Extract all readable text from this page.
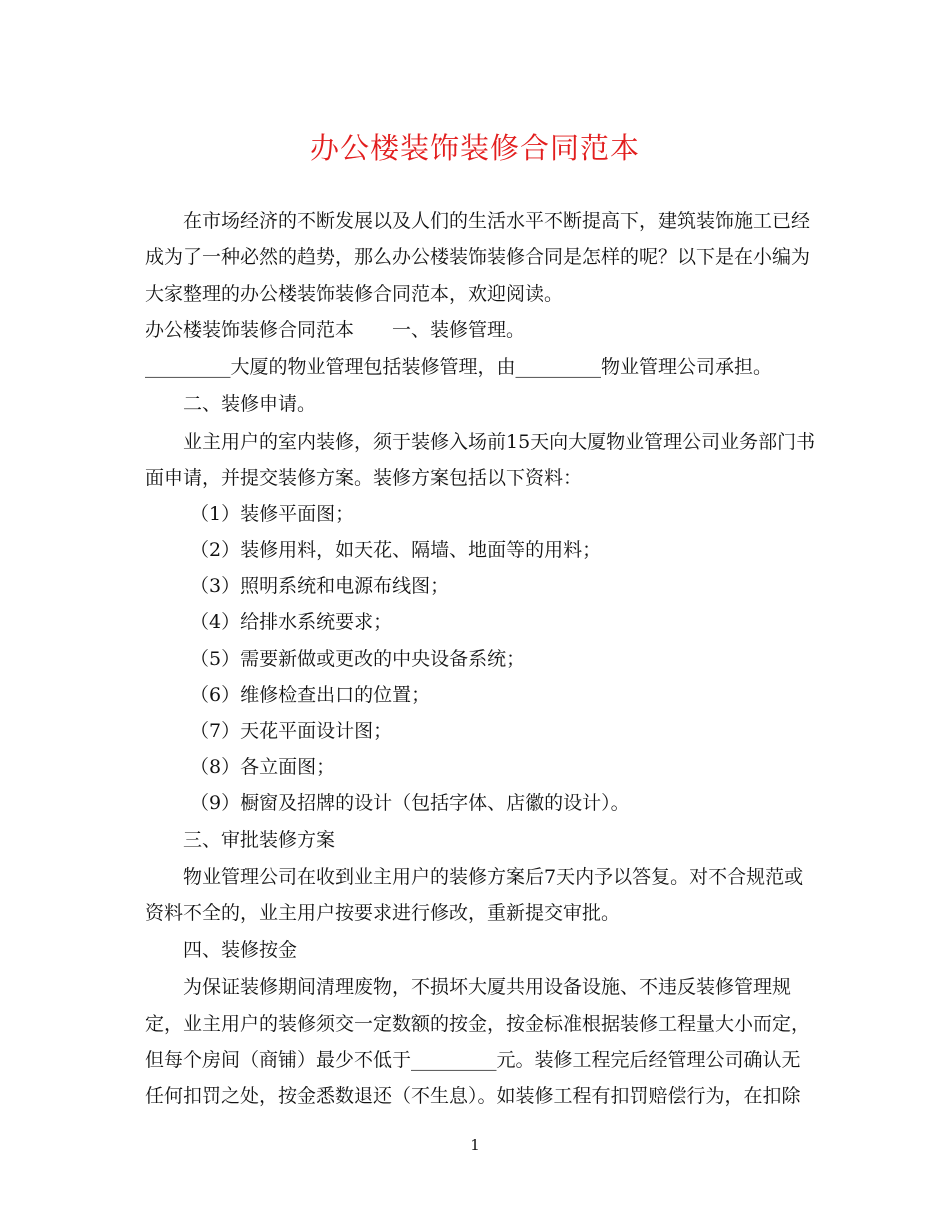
办公楼装饰装修合同范本
在市场经济的不断发展以及人们的生活水平不断提高下，建筑装饰施工已经
成为了一种必然的趋势，那么办公楼装饰装修合同是怎样的呢？以下是在小编为
大家整理的办公楼装饰装修合同范本，欢迎阅读。
办公楼装饰装修合同范本　　一、装修管理。
_________大厦的物业管理包括装修管理，由_________物业管理公司承担。
二、装修申请。
业主用户的室内装修，须于装修入场前15天向大厦物业管理公司业务部门书
面申请，并提交装修方案。装修方案包括以下资料：
（1）装修平面图；
（2）装修用料，如天花、隔墙、地面等的用料；
（3）照明系统和电源布线图；
（4）给排水系统要求；
（5）需要新做或更改的中央设备系统；
（6）维修检查出口的位置；
（7）天花平面设计图；
（8）各立面图；
（9）橱窗及招牌的设计（包括字体、店徽的设计）。
三、审批装修方案
物业管理公司在收到业主用户的装修方案后7天内予以答复。对不合规范或
资料不全的，业主用户按要求进行修改，重新提交审批。
四、装修按金
为保证装修期间清理废物，不损坏大厦共用设备设施、不违反装修管理规
定，业主用户的装修须交一定数额的按金，按金标准根据装修工程量大小而定，
但每个房间（商铺）最少不低于_________元。装修工程完后经管理公司确认无
任何扣罚之处，按金悉数退还（不生息）。如装修工程有扣罚赔偿行为，在扣除
1
